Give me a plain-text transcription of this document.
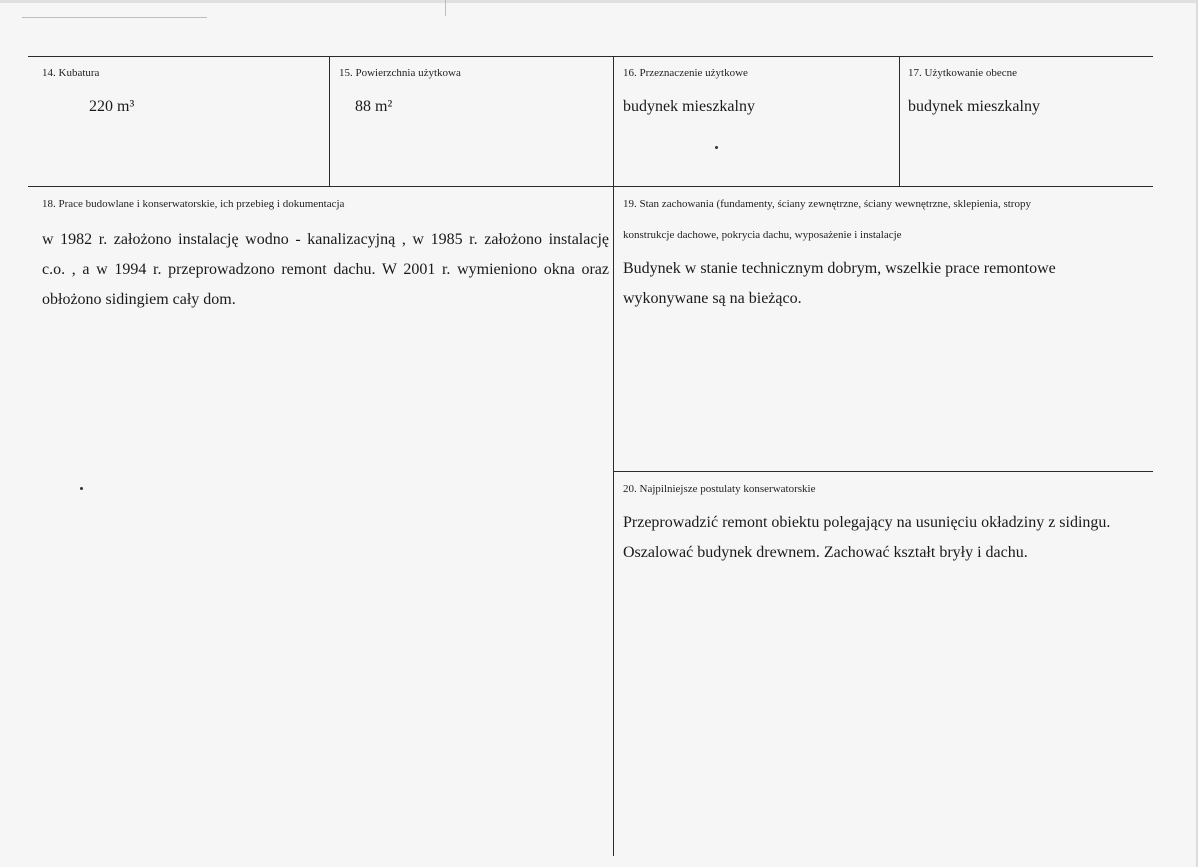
14. Kubatura
220 m³
15. Powierzchnia użytkowa
88 m²
16. Przeznaczenie użytkowe
budynek mieszkalny
17. Użytkowanie obecne
budynek mieszkalny
18. Prace budowlane i konserwatorskie, ich przebieg i dokumentacja
w 1982 r. założono instalację wodno - kanalizacyjną , w 1985 r. założono instalację
c.o. , a w 1994 r. przeprowadzono remont dachu. W 2001 r. wymieniono okna oraz
obłożono sidingiem cały dom.
19. Stan zachowania (fundamenty, ściany zewnętrzne, ściany wewnętrzne, sklepienia, stropy
konstrukcje dachowe, pokrycia dachu, wyposażenie i instalacje
Budynek w stanie technicznym dobrym, wszelkie prace remontowe
wykonywane są na bieżąco.
20. Najpilniejsze postulaty konserwatorskie
Przeprowadzić remont obiektu polegający na usunięciu okładziny z sidingu.
Oszalować budynek drewnem. Zachować kształt bryły i dachu.
